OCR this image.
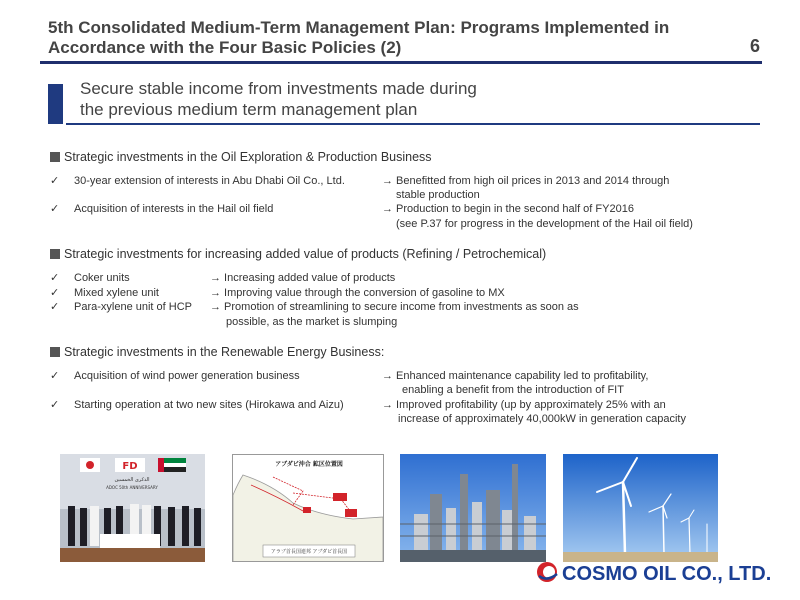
5th Consolidated Medium-Term Management Plan: Programs Implemented in
Accordance with the Four Basic Policies (2)	6
Secure stable income from investments made during
the previous medium term management plan
Strategic investments in the Oil Exploration & Production Business
✓ 30-year extension of interests in Abu Dhabi Oil Co., Ltd.	→ Benefitted from high oil prices in 2013 and 2014 through
stable production
✓ Acquisition of interests in the Hail oil field	→ Production to begin in the second half of FY2016
(see P.37 for progress in the development of the Hail oil field)
Strategic investments for increasing added value of products (Refining / Petrochemical)
✓ Coker units	→ Increasing added value of products
✓ Mixed xylene unit	→ Improving value through the conversion of gasoline to MX
✓ Para-xylene unit of HCP → Promotion of streamlining to secure income from investments as soon as
possible, as the market is slumping
Strategic investments in the Renewable Energy Business:
✓ Acquisition of wind power generation business	→ Enhanced maintenance capability led to profitability,
enabling a benefit from the introduction of FIT
✓ Starting operation at two new sites (Hirokawa and Aizu)	→ Improved profitability (up by approximately 25% with an
increase of approximately 40,000kW in generation capacity
FD
الذكرى الخمسين
ADOC 50th ANNIVERSARY
アブダビ沖合 鉱区位置図
アラブ首長国連邦 アブダビ首長国
COSMO OIL CO., LTD.
